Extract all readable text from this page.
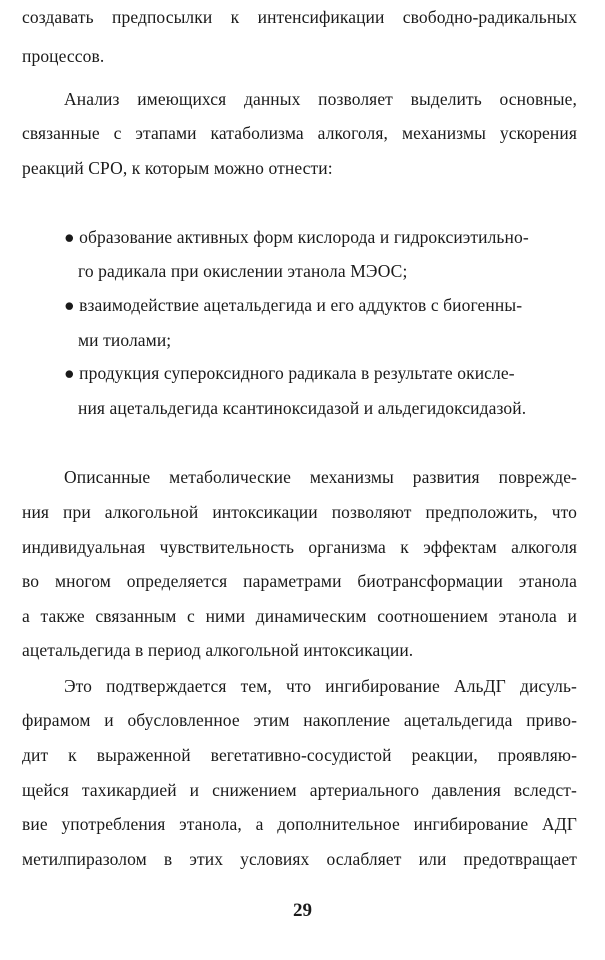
создавать предпосылки к интенсификации свободно-радикальных
процессов.
Анализ имеющихся данных позволяет выделить основные,
связанные с этапами катаболизма алкоголя, механизмы ускорения
реакций СРО, к которым можно отнести:
● образование активных форм кислорода и гидроксиэтильно-
го радикала при окислении этанола МЭОС;
● взаимодействие ацетальдегида и его аддуктов с биогенны-
ми тиолами;
● продукция супероксидного радикала в результате окисле-
ния ацетальдегида ксантиноксидазой и альдегидоксидазой.
Описанные метаболические механизмы развития поврежде-
ния при алкогольной интоксикации позволяют предположить, что
индивидуальная чувствительность организма к эффектам алкоголя
во многом определяется параметрами биотрансформации этанола
а также связанным с ними динамическим соотношением этанола и
ацетальдегида в период алкогольной интоксикации.
Это подтверждается тем, что ингибирование АльДГ дисуль-
фирамом и обусловленное этим накопление ацетальдегида приво-
дит к выраженной вегетативно-сосудистой реакции, проявляю-
щейся тахикардией и снижением артериального давления вследст-
вие употребления этанола, а дополнительное ингибирование АДГ
метилпиразолом в этих условиях ослабляет или предотвращает
29
